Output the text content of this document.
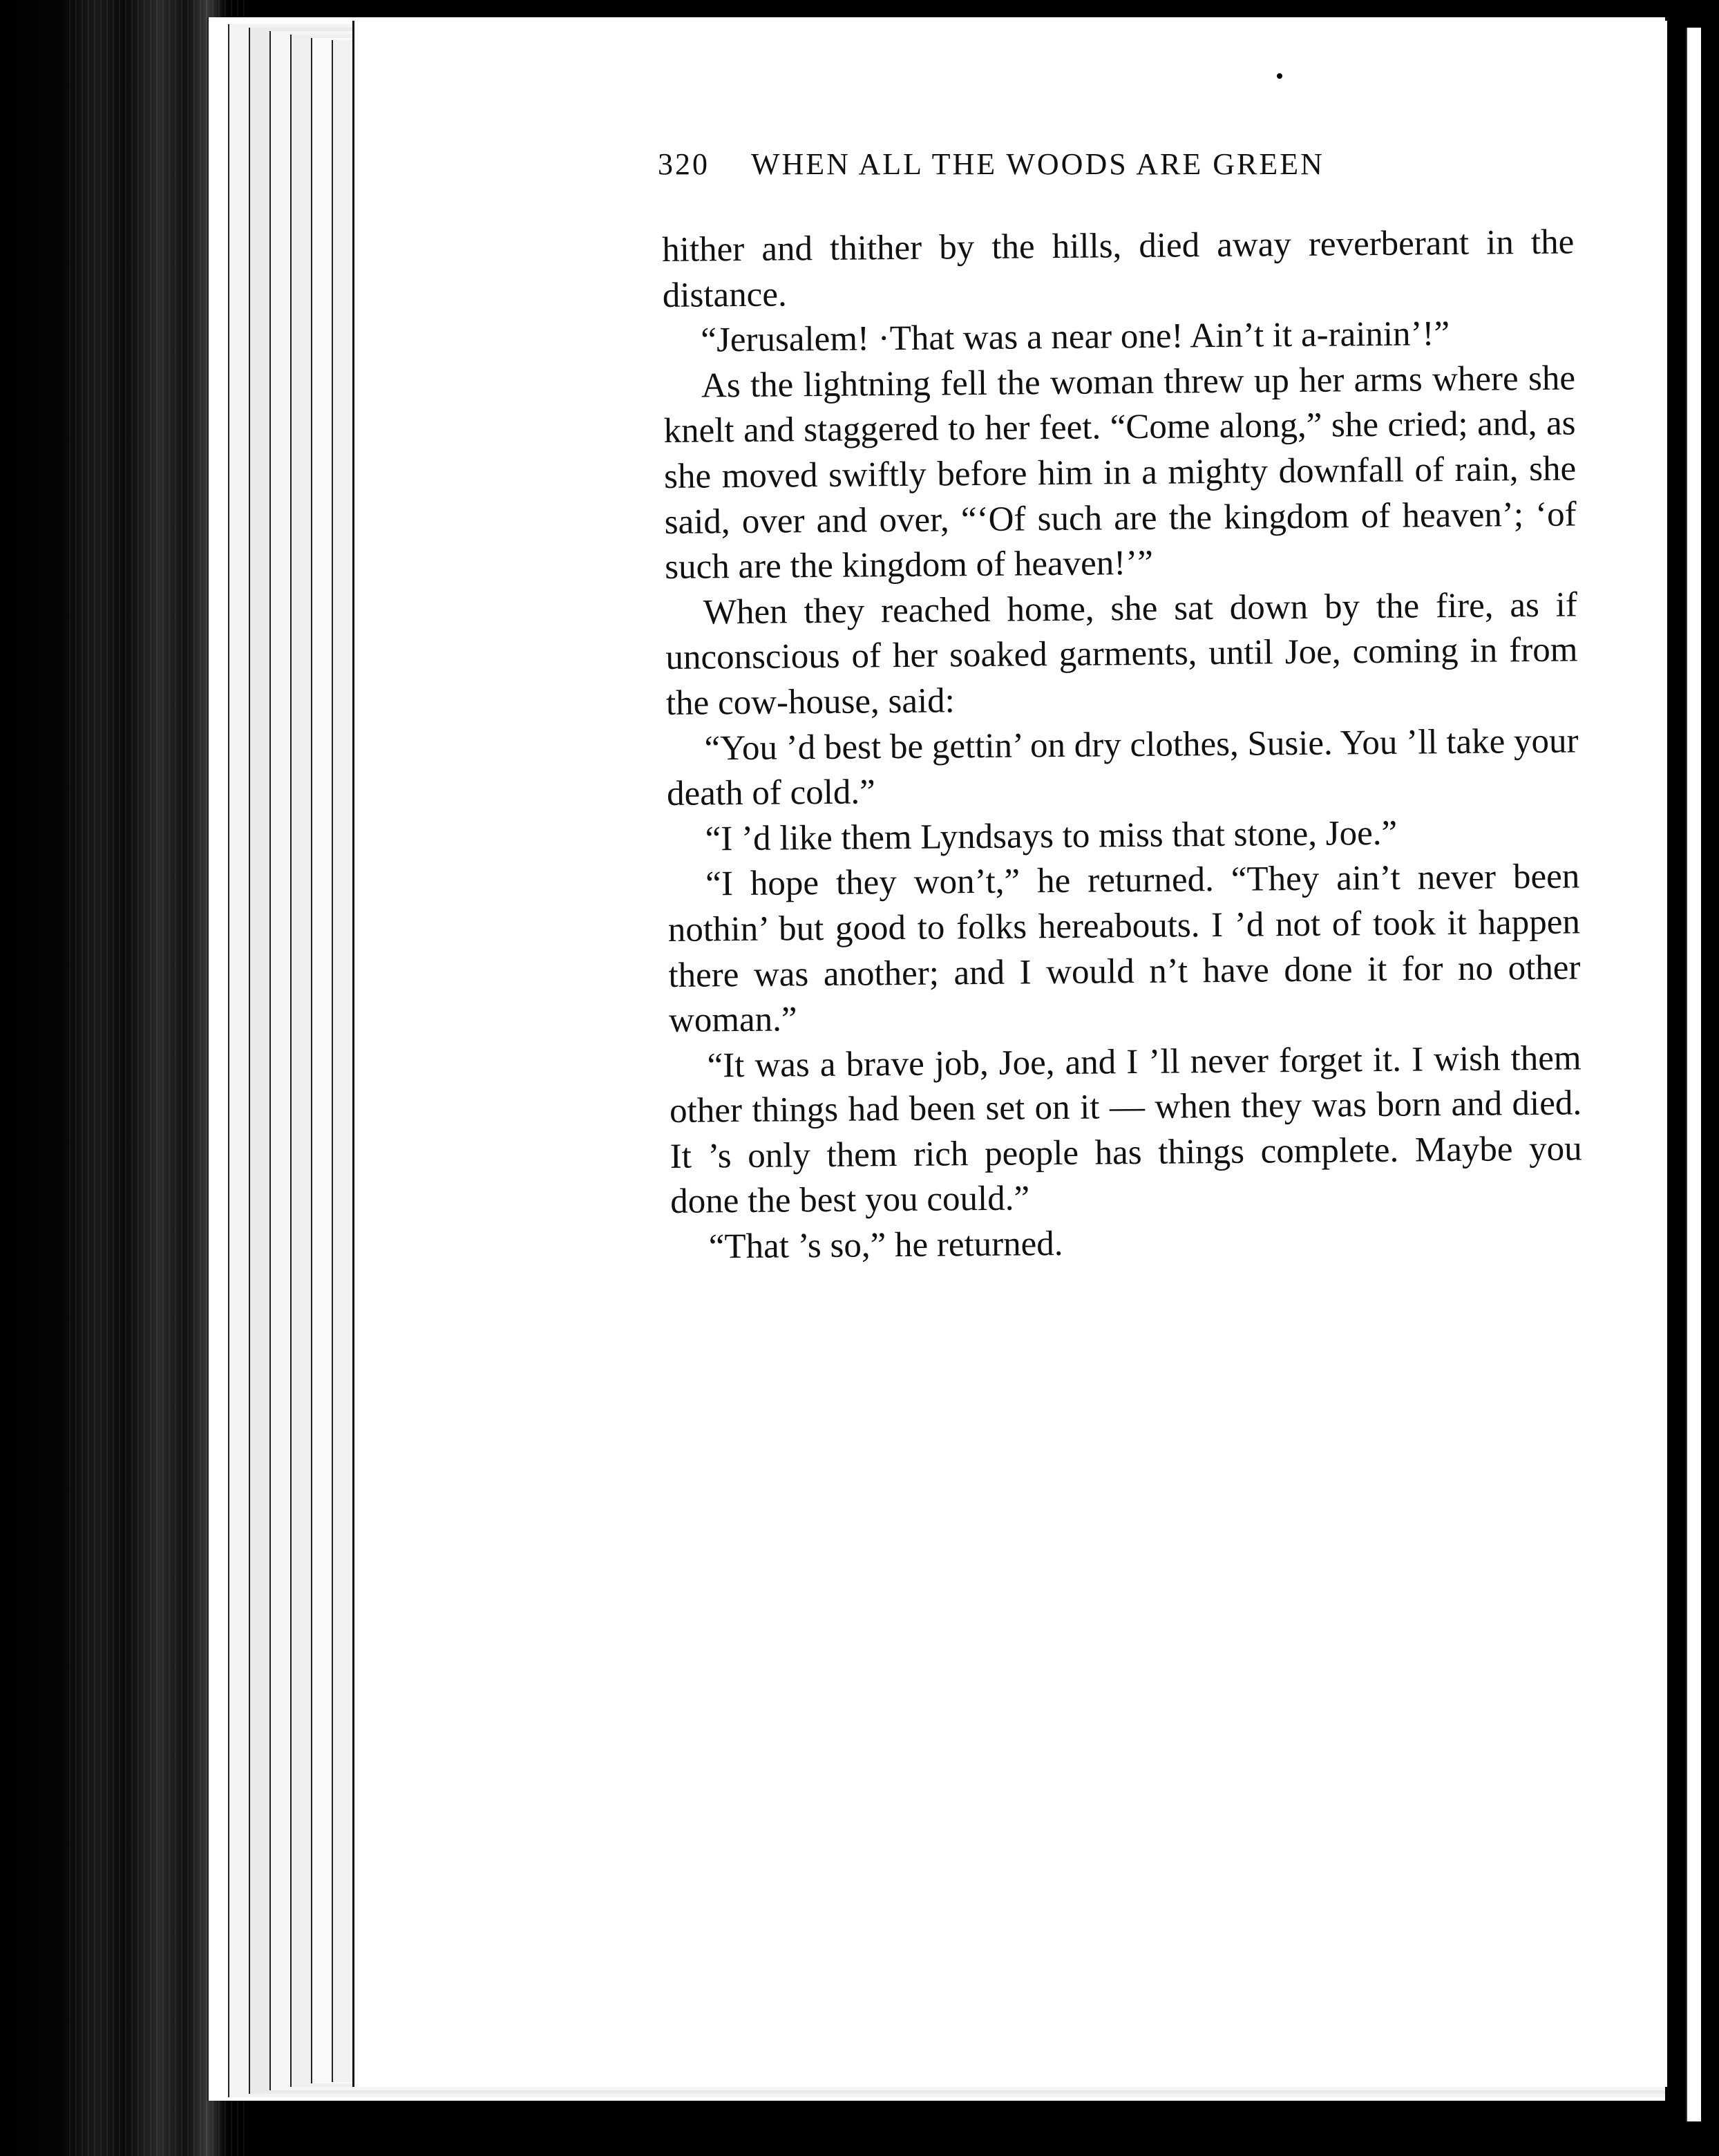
320 WHEN ALL THE WOODS ARE GREEN

hither and thither by the hills, died away reverberant in the distance.

“Jerusalem! ·That was a near one! Ain’t it a-rainin’!”

As the lightning fell the woman threw up her arms where she knelt and staggered to her feet. “Come along,” she cried; and, as she moved swiftly before him in a mighty downfall of rain, she said, over and over, “‘Of such are the kingdom of heaven’; ‘of such are the kingdom of heaven!’”

When they reached home, she sat down by the fire, as if unconscious of her soaked garments, until Joe, coming in from the cow-house, said:

“You ’d best be gettin’ on dry clothes, Susie. You ’ll take your death of cold.”

“I ’d like them Lyndsays to miss that stone, Joe.”

“I hope they won’t,” he returned. “They ain’t never been nothin’ but good to folks hereabouts. I ’d not of took it happen there was another; and I would n’t have done it for no other woman.”

“It was a brave job, Joe, and I ’ll never forget it. I wish them other things had been set on it — when they was born and died. It ’s only them rich people has things complete. Maybe you done the best you could.”

“That ’s so,” he returned.
